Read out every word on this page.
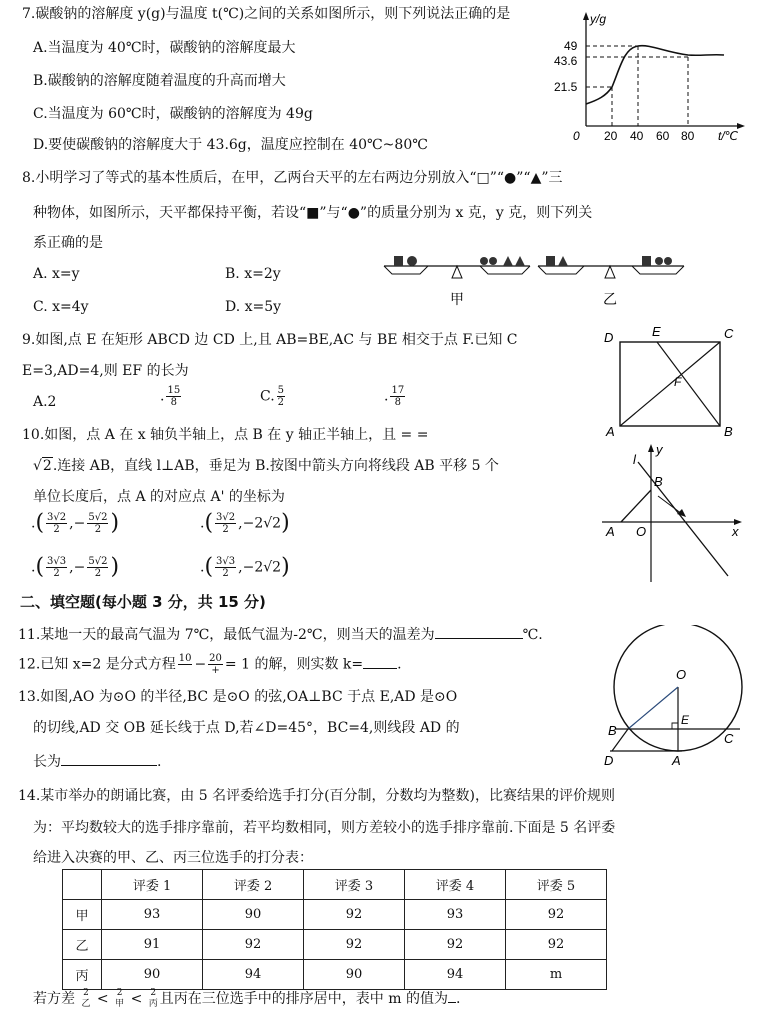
7.碳酸钠的溶解度 y(g)与温度 t(℃)之间的关系如图所示，则下列说法正确的是
A.当温度为 40℃时，碳酸钠的溶解度最大
B.碳酸钠的溶解度随着温度的升高而增大
C.当温度为 60℃时，碳酸钠的溶解度为 49g
D.要使碳酸钠的溶解度大于 43.6g，温度应控制在 40℃~80℃
y/g
49
43.6
21.5
0 20 40 60 80 t/℃
8.小明学习了等式的基本性质后，在甲，乙两台天平的左右两边分别放入“□”“●”“▲”三
种物体，如图所示，天平都保持平衡，若设“■”与“●”的质量分别为 x 克，y 克，则下列关
系正确的是
A. x=y	B. x=2y
C. x=4y	D. x=5y	甲	乙
9.如图,点 E 在矩形 ABCD 边 CD 上,且 AB=BE,AC 与 BE 相交于点 F.已知 C
E=3,AD=4,则 EF 的长为
A.2	. $\frac{15}{8}$	C. $\frac{5}{2}$	. $\frac{17}{8}$
D	E	C
F
A	B
10.如图，点 A 在 x 轴负半轴上，点 B 在 y 轴正半轴上，且 = =
√2.连接 AB，直线 l⊥AB，垂足为 B.按图中箭头方向将线段 AB 平移 5 个
单位长度后，点 A 的对应点 A' 的坐标为
.( $\frac{3√2}{2}$ ,− $\frac{5√2}{2}$ )	.( $\frac{3√2}{2} ,-2√2$)
.( $\frac{3√3}{2}$ ,− $\frac{5√2}{2}$ )	.( $\frac{3√3}{2} ,-2√2$)
y
l
B
A O	x
二、填空题(每小题 3 分，共 15 分)
11.某地一天的最高气温为 7℃，最低气温为-2℃，则当天的温差为	℃.
12.已知 x=2 是分式方程 10
− $\frac{20}{+} = 1$ 的解，则实数 k= .
13.如图,AO 为⊙O 的半径,BC 是⊙O 的弦,OA⊥BC 于点 E,AD 是⊙O
的切线,AD 交 OB 延长线于点 D,若∠D=45°，BC=4,则线段 AD 的
长为	.
O
E
B
C
D	A
14.某市举办的朗诵比赛，由 5 名评委给选手打分(百分制，分数均为整数)，比赛结果的评价规则
为：平均数较大的选手排序靠前，若平均数相同，则方差较小的选手排序靠前.下面是 5 名评委
给进入决赛的甲、乙、丙三位选手的打分表：
	评委 1	评委 2	评委 3	评委 4	评委 5
甲	93	90	92	93	92
乙	91	92	92	92	92
丙	90	94	90	94	m
若方差 2
乙 < 2
甲 < 2
丙 且丙在三位选手中的排序居中，表中 m 的值为 .
